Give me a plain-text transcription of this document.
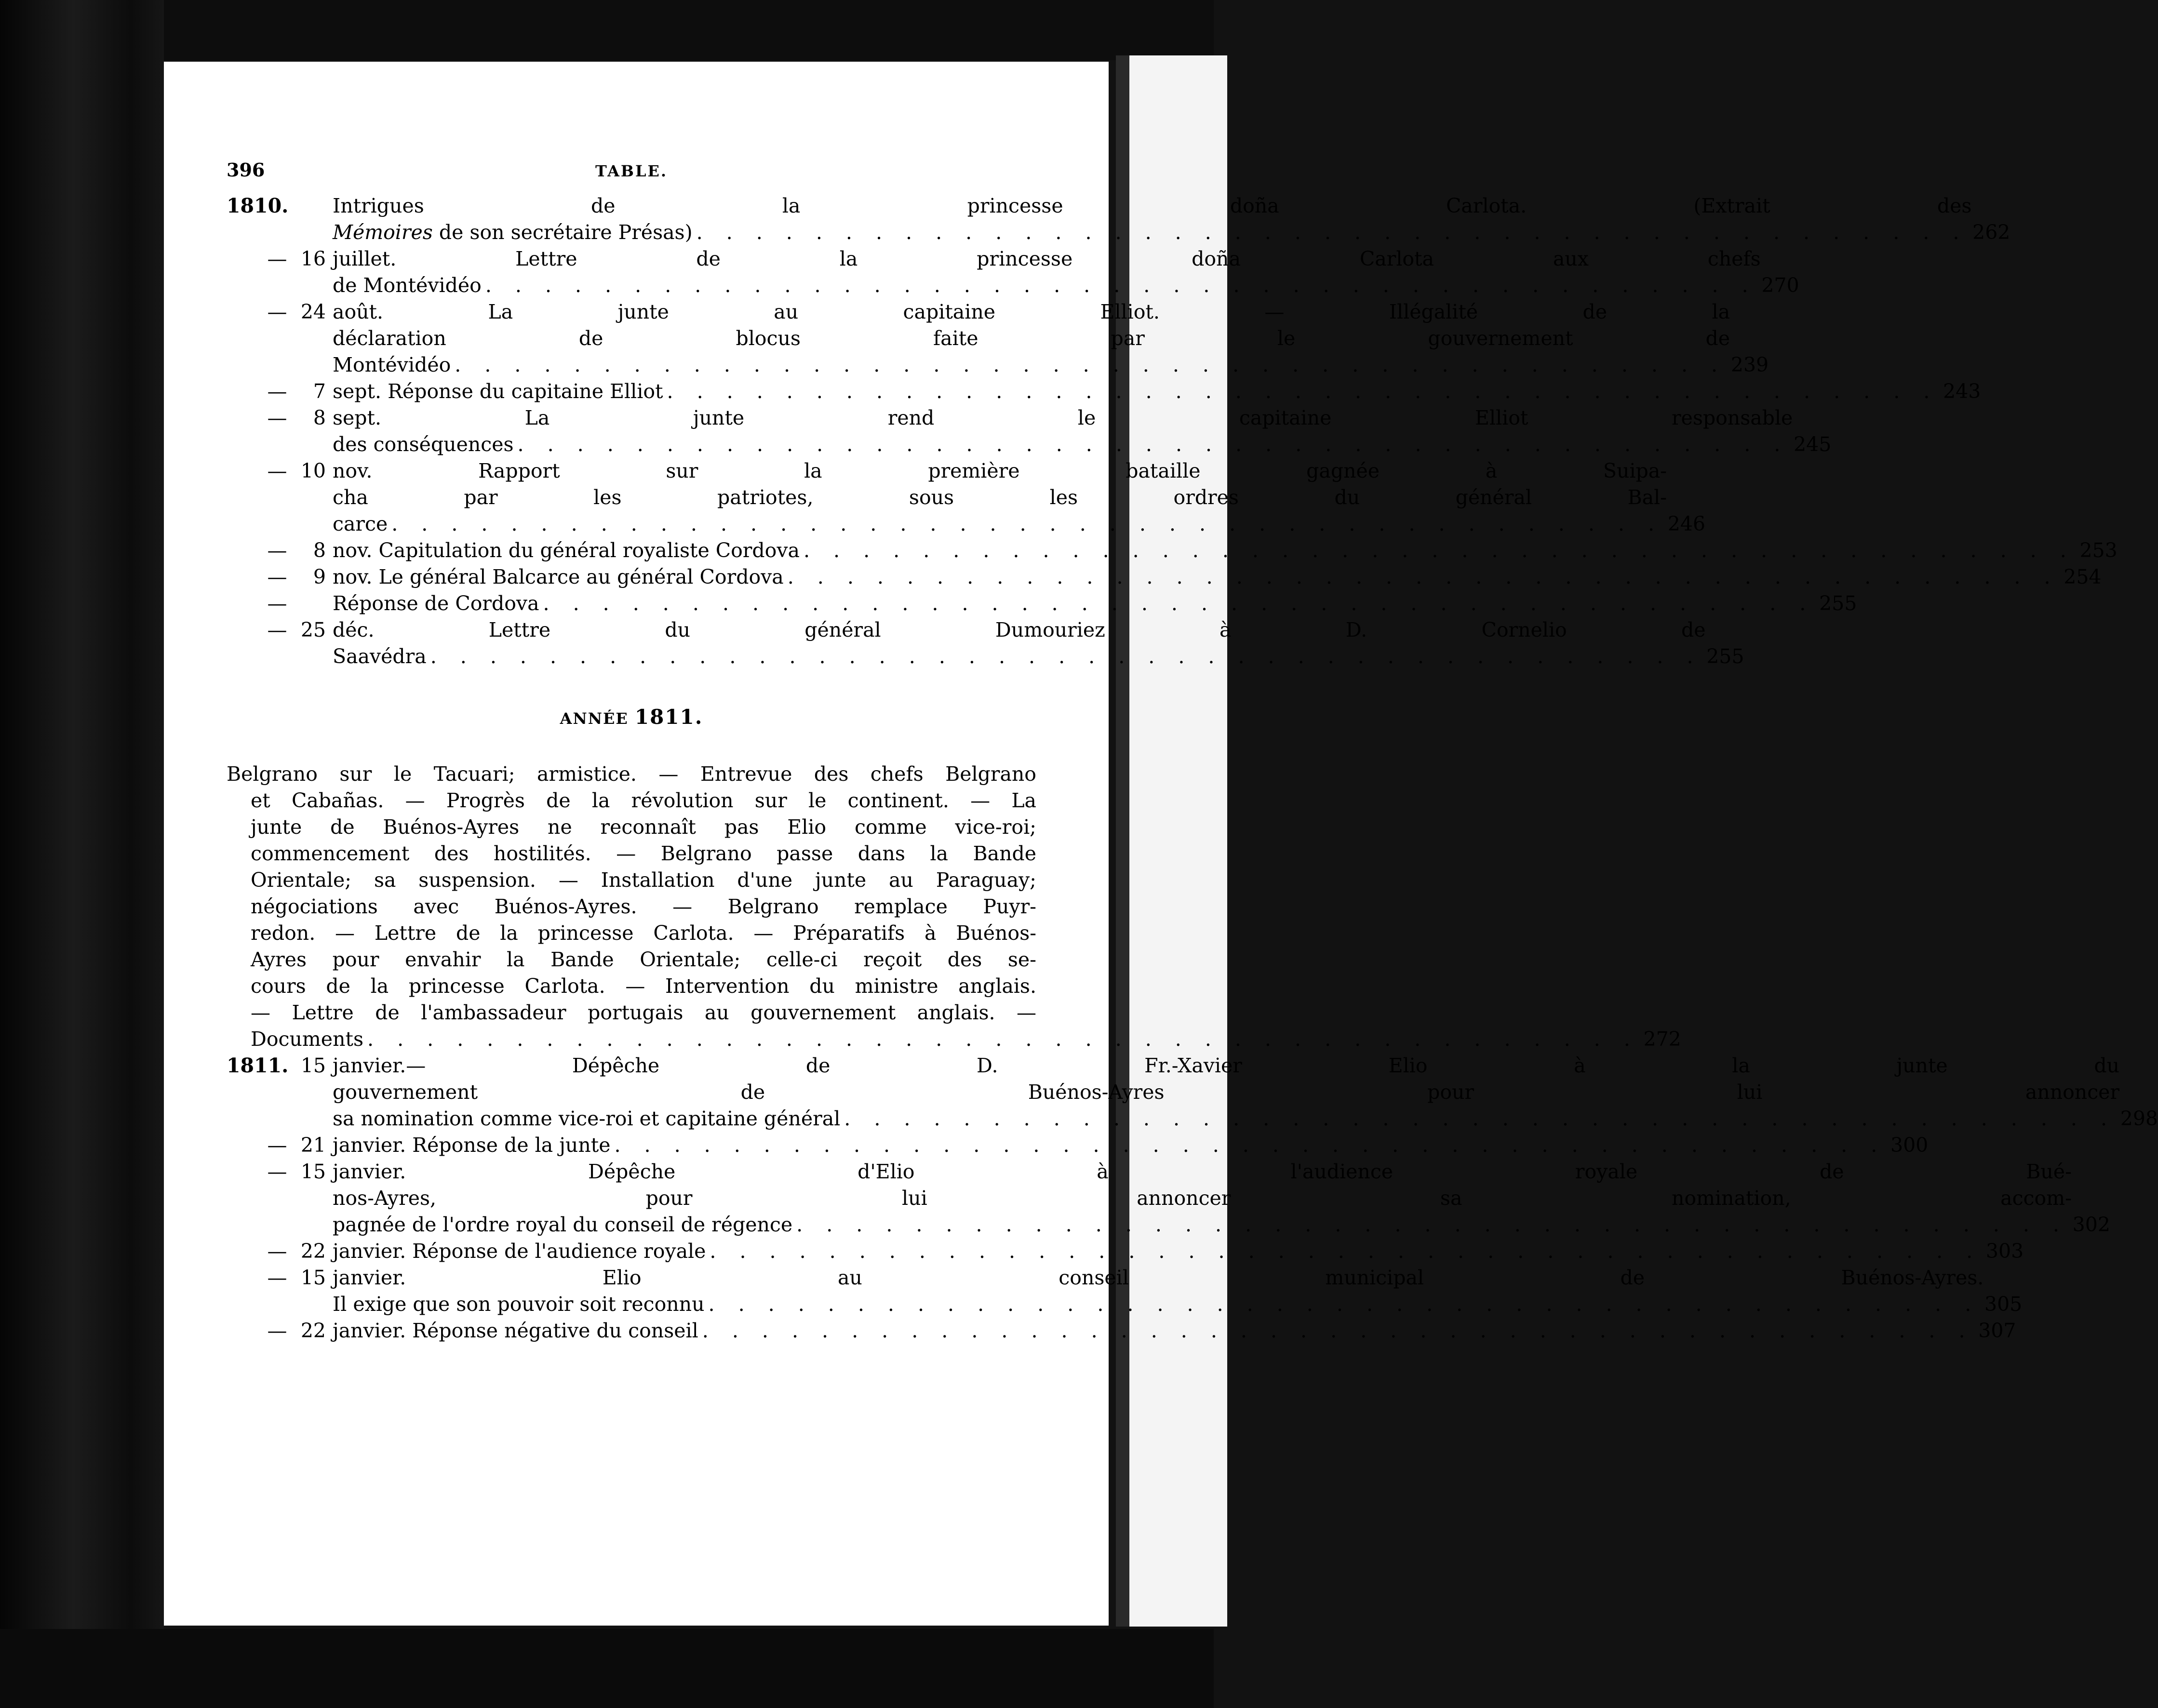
396	TABLE.
1810. Intrigues de la princesse doña Carlota. (Extrait des
Mémoires de son secrétaire Présas) . . .	262
— 16 juillet. Lettre de la princesse doña Carlota aux chefs
de Montévidéo . . .	270
— 24 août. La junte au capitaine Elliot. — Illégalité de la
déclaration de blocus faite par le gouvernement de
Montévidéo . . .	239
—	7 sept. Réponse du capitaine Elliot . . .	243
—	8 sept. La junte rend le capitaine Elliot responsable
des conséquences . . .	245
— 10 nov. Rapport sur la première bataille gagnée à Suipa-
cha par les patriotes, sous les ordres du général Bal-
carce . . .	246
—	8 nov. Capitulation du général royaliste Cordova . . .	253
—	9 nov. Le général Balcarce au général Cordova . . .	254
—	Réponse de Cordova . . .	255
— 25 déc. Lettre du général Dumouriez à D. Cornelio de
Saavédra . . .	255
ANNÉE 1811.
Belgrano sur le Tacuari; armistice. — Entrevue des chefs Belgrano
et Cabañas. — Progrès de la révolution sur le continent. — La
junte de Buénos-Ayres ne reconnaît pas Elio comme vice-roi;
commencement des hostilités. — Belgrano passe dans la Bande
Orientale; sa suspension. — Installation d'une junte au Paraguay;
négociations avec Buénos-Ayres. — Belgrano remplace Puyr-
redon. — Lettre de la princesse Carlota. — Préparatifs à Buénos-
Ayres pour envahir la Bande Orientale; celle-ci reçoit des se-
cours de la princesse Carlota. — Intervention du ministre anglais.
— Lettre de l'ambassadeur portugais au gouvernement anglais. —
Documents . . .	272
1811. 15 janvier.— Dépêche de D. Fr.-Xavier Elio à la junte du
gouvernement de Buénos-Ayres pour lui annoncer
sa nomination comme vice-roi et capitaine général . . .	298
— 21 janvier. Réponse de la junte . . .	300
— 15 janvier. Dépêche d'Elio à l'audience royale de Bué-
nos-Ayres, pour lui annoncer sa nomination, accom-
pagnée de l'ordre royal du conseil de régence . . .	302
— 22 janvier. Réponse de l'audience royale . . .	303
— 15 janvier. Elio au conseil municipal de Buénos-Ayres.
Il exige que son pouvoir soit reconnu . . .	305
— 22 janvier. Réponse négative du conseil . . .	307
